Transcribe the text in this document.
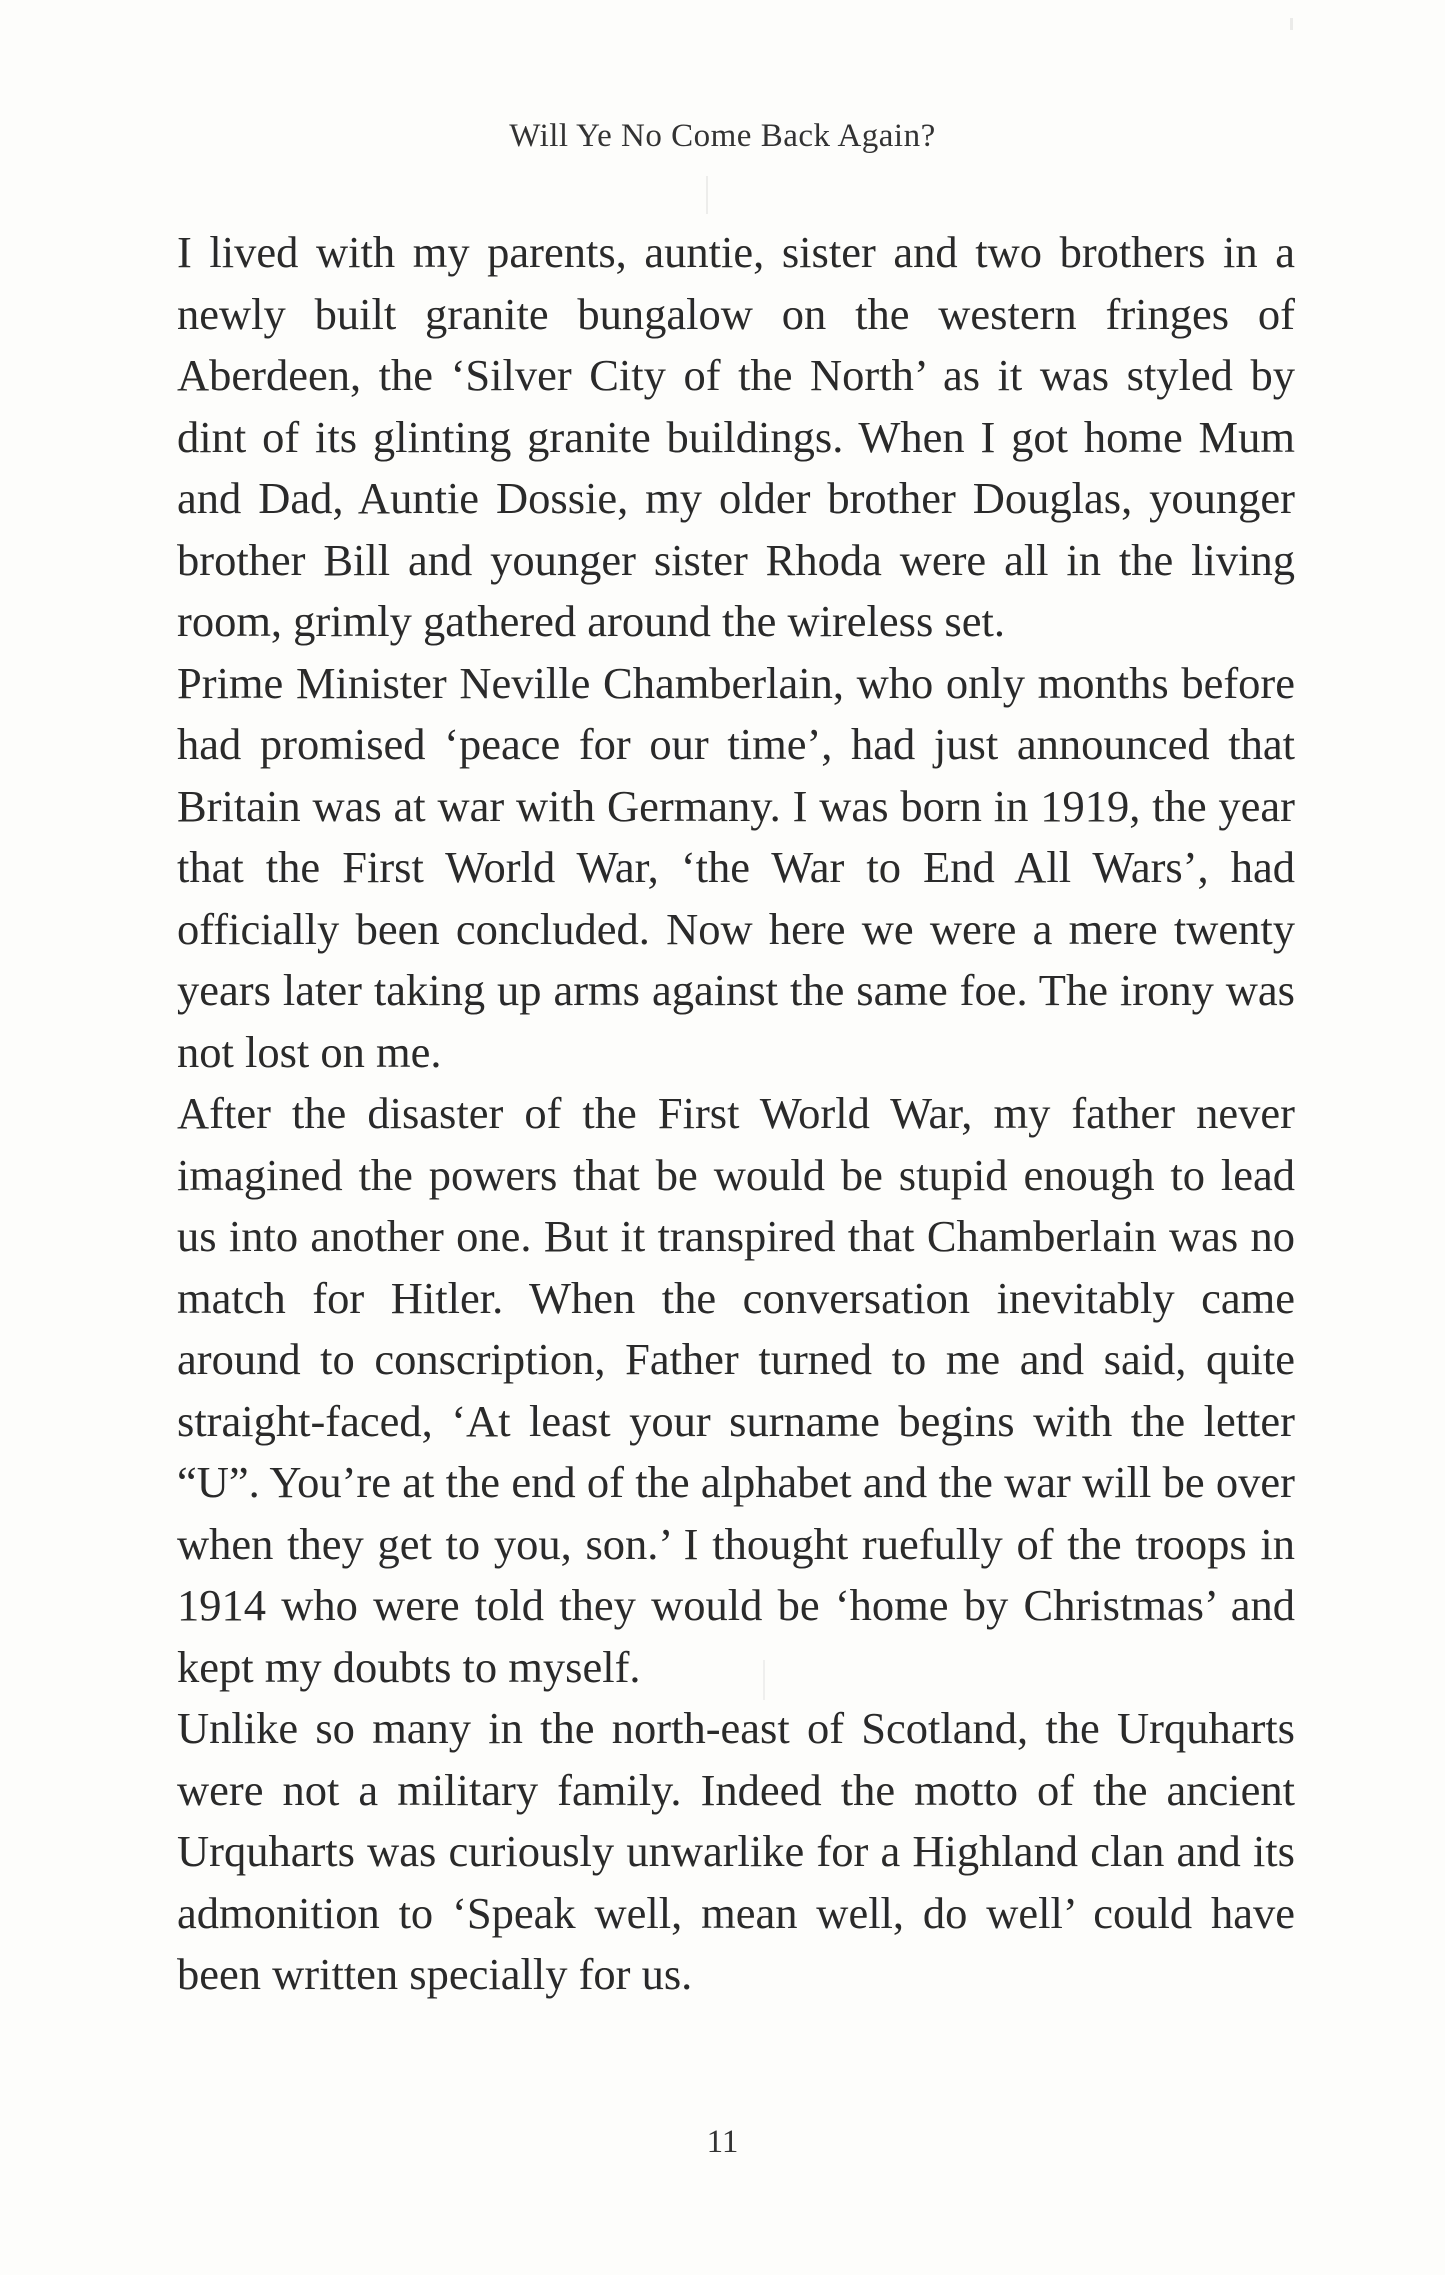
Will Ye No Come Back Again?

I lived with my parents, auntie, sister and two brothers in a newly built granite bungalow on the western fringes of Aberdeen, the ‘Silver City of the North’ as it was styled by dint of its glinting granite buildings. When I got home Mum and Dad, Auntie Dossie, my older brother Douglas, younger brother Bill and younger sister Rhoda were all in the living room, grimly gathered around the wireless set.

Prime Minister Neville Chamberlain, who only months before had promised ‘peace for our time’, had just announced that Britain was at war with Germany. I was born in 1919, the year that the First World War, ‘the War to End All Wars’, had officially been concluded. Now here we were a mere twenty years later taking up arms against the same foe. The irony was not lost on me.

After the disaster of the First World War, my father never imagined the powers that be would be stupid enough to lead us into another one. But it transpired that Chamberlain was no match for Hitler. When the conversation inevitably came around to conscription, Father turned to me and said, quite straight-faced, ‘At least your surname begins with the letter “U”. You’re at the end of the alphabet and the war will be over when they get to you, son.’ I thought ruefully of the troops in 1914 who were told they would be ‘home by Christmas’ and kept my doubts to myself.

Unlike so many in the north-east of Scotland, the Urquharts were not a military family. Indeed the motto of the ancient Urquharts was curiously unwarlike for a Highland clan and its admonition to ‘Speak well, mean well, do well’ could have been written specially for us.

11
